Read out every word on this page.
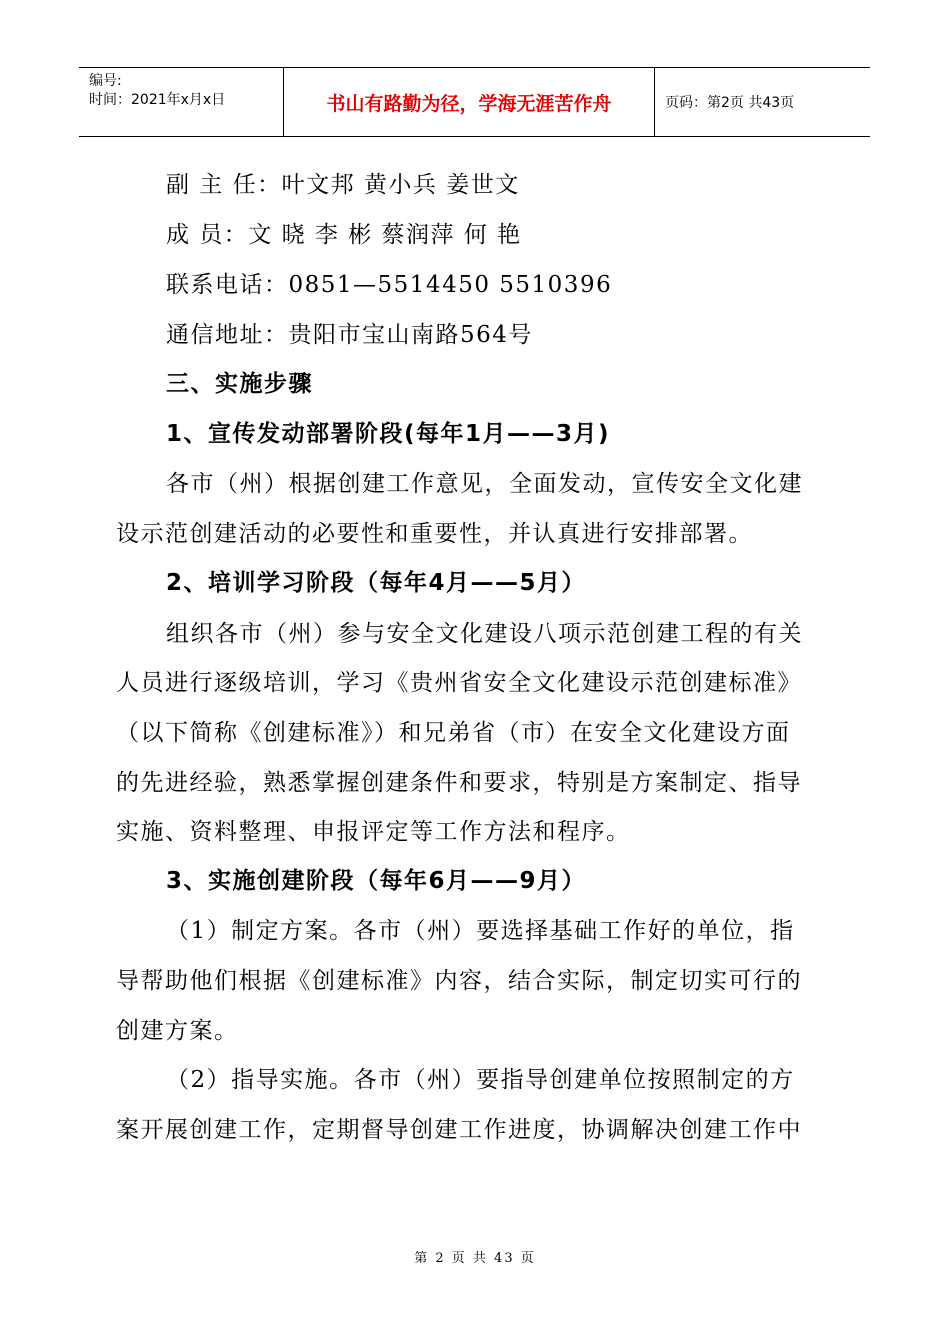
编号:
时间：2021年x月x日	书山有路勤为径，学海无涯苦作舟	页码：第2页 共43页
副 主 任：叶文邦 黄小兵 姜世文
成 员：文 晓 李 彬 蔡润萍 何 艳
联系电话：0851—5514450 5510396
通信地址：贵阳市宝山南路564号
三、实施步骤
1、宣传发动部署阶段(每年1月——3月)
各市（州）根据创建工作意见，全面发动，宣传安全文化建
设示范创建活动的必要性和重要性，并认真进行安排部署。
2、培训学习阶段（每年4月——5月）
组织各市（州）参与安全文化建设八项示范创建工程的有关
人员进行逐级培训，学习《贵州省安全文化建设示范创建标准》
（以下简称《创建标准》）和兄弟省（市）在安全文化建设方面
的先进经验，熟悉掌握创建条件和要求，特别是方案制定、指导
实施、资料整理、申报评定等工作方法和程序。
3、实施创建阶段（每年6月——9月）
（1）制定方案。各市（州）要选择基础工作好的单位，指
导帮助他们根据《创建标准》内容，结合实际，制定切实可行的
创建方案。
（2）指导实施。各市（州）要指导创建单位按照制定的方
案开展创建工作，定期督导创建工作进度，协调解决创建工作中
第 2 页 共 43 页
